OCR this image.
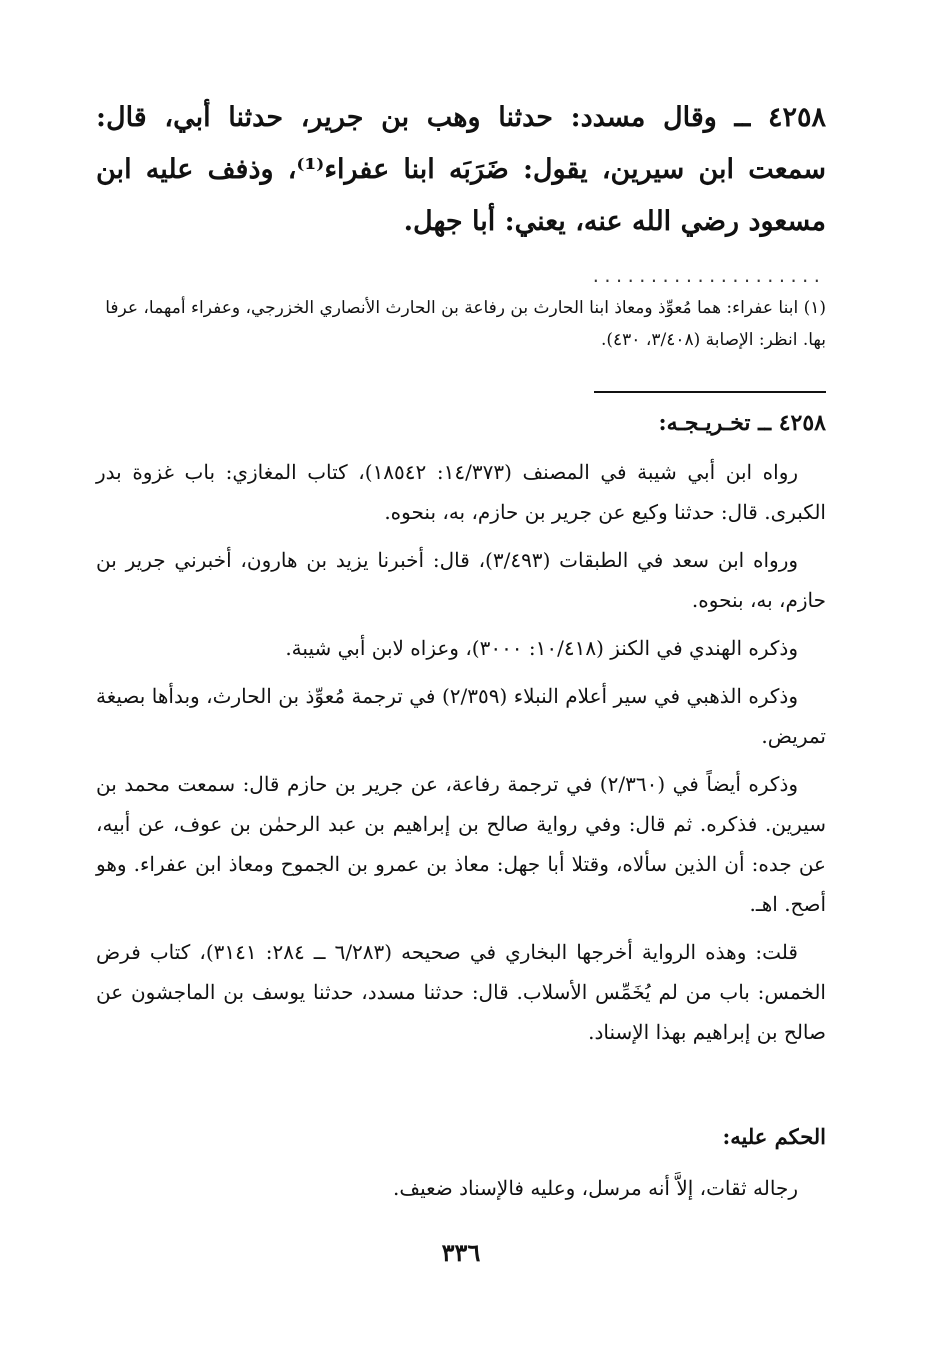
٤٢٥٨ ــ وقال مسدد: حدثنا وهب بن جرير، حدثنا أبي، قال: سمعت ابن سيرين، يقول: ضَرَبَه ابنا عفراء⁽¹⁾، وذفف عليه ابن مسعود رضي الله عنه، يعني: أبا جهل.

....................

(١) ابنا عفراء: هما مُعوِّذ ومعاذ ابنا الحارث بن رفاعة بن الحارث الأنصاري الخزرجي، وعفراء أمهما، عرفا بها. انظر: الإصابة (٣/٤٠٨، ٤٣٠).

٤٢٥٨ ــ تخـريـجـه:

رواه ابن أبي شيبة في المصنف (١٤/٣٧٣: ١٨٥٤٢)، كتاب المغازي: باب غزوة بدر الكبرى. قال: حدثنا وكيع عن جرير بن حازم، به، بنحوه.

ورواه ابن سعد في الطبقات (٣/٤٩٣)، قال: أخبرنا يزيد بن هارون، أخبرني جرير بن حازم، به، بنحوه.

وذكره الهندي في الكنز (١٠/٤١٨: ٣٠٠٠)، وعزاه لابن أبي شيبة.

وذكره الذهبي في سير أعلام النبلاء (٢/٣٥٩) في ترجمة مُعوِّذ بن الحارث، وبدأها بصيغة تمريض.

وذكره أيضاً في (٢/٣٦٠) في ترجمة رفاعة، عن جرير بن حازم قال: سمعت محمد بن سيرين. فذكره. ثم قال: وفي رواية صالح بن إبراهيم بن عبد الرحمٰن بن عوف، عن أبيه، عن جده: أن الذين سألاه، وقتلا أبا جهل: معاذ بن عمرو بن الجموح ومعاذ ابن عفراء. وهو أصح. اهـ.

قلت: وهذه الرواية أخرجها البخاري في صحيحه (٦/٢٨٣ ــ ٢٨٤: ٣١٤١)، كتاب فرض الخمس: باب من لم يُخَمِّس الأسلاب. قال: حدثنا مسدد، حدثنا يوسف بن الماجشون عن صالح بن إبراهيم بهذا الإسناد.

الحكم عليه:

رجاله ثقات، إلاَّ أنه مرسل، وعليه فالإسناد ضعيف.

٣٣٦
